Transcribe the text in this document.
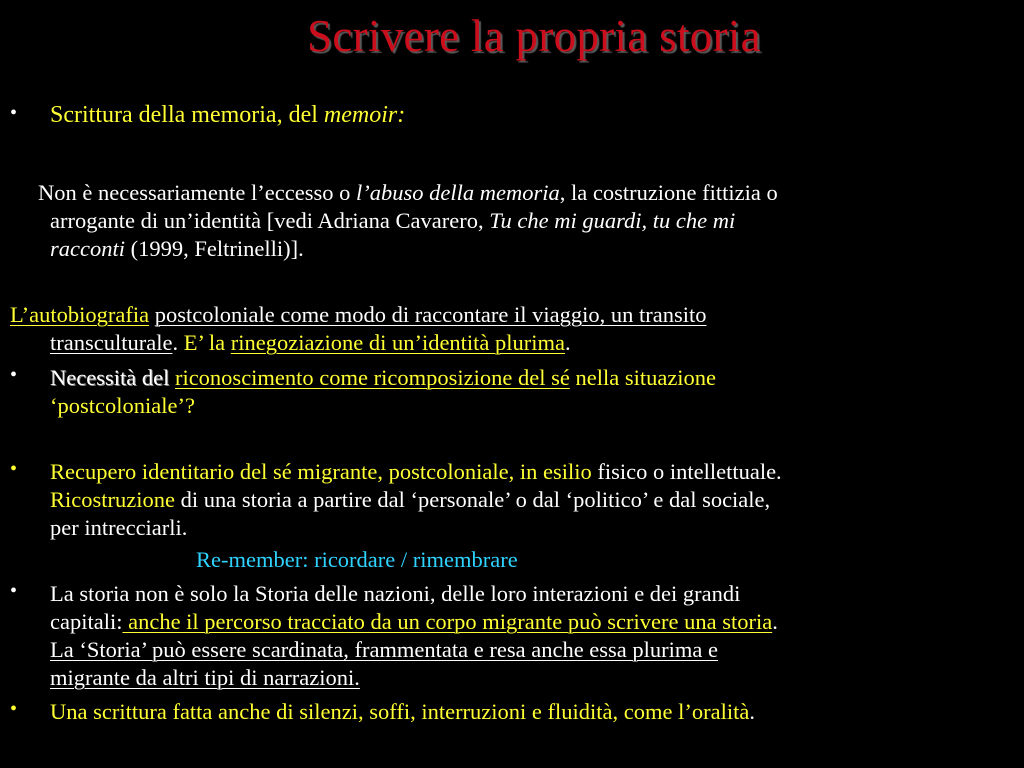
Scrivere la propria storia
• Scrittura della memoria, del memoir:
Non è necessariamente l’eccesso o l’abuso della memoria, la costruzione fittizia o
arrogante di un’identità [vedi Adriana Cavarero, Tu che mi guardi, tu che mi
racconti (1999, Feltrinelli)].
L’autobiografia postcoloniale come modo di raccontare il viaggio, un transito
transculturale. E’ la rinegoziazione di un’identità plurima.
• Necessità del riconoscimento come ricomposizione del sé nella situazione
‘postcoloniale’?
• Recupero identitario del sé migrante, postcoloniale, in esilio fisico o intellettuale.
Ricostruzione di una storia a partire dal ‘personale’ o dal ‘politico’ e dal sociale,
per intrecciarli.
Re-member: ricordare / rimembrare
• La storia non è solo la Storia delle nazioni, delle loro interazioni e dei grandi
capitali: anche il percorso tracciato da un corpo migrante può scrivere una storia.
La ‘Storia’ può essere scardinata, frammentata e resa anche essa plurima e
migrante da altri tipi di narrazioni.
• Una scrittura fatta anche di silenzi, soffi, interruzioni e fluidità, come l’oralità.
